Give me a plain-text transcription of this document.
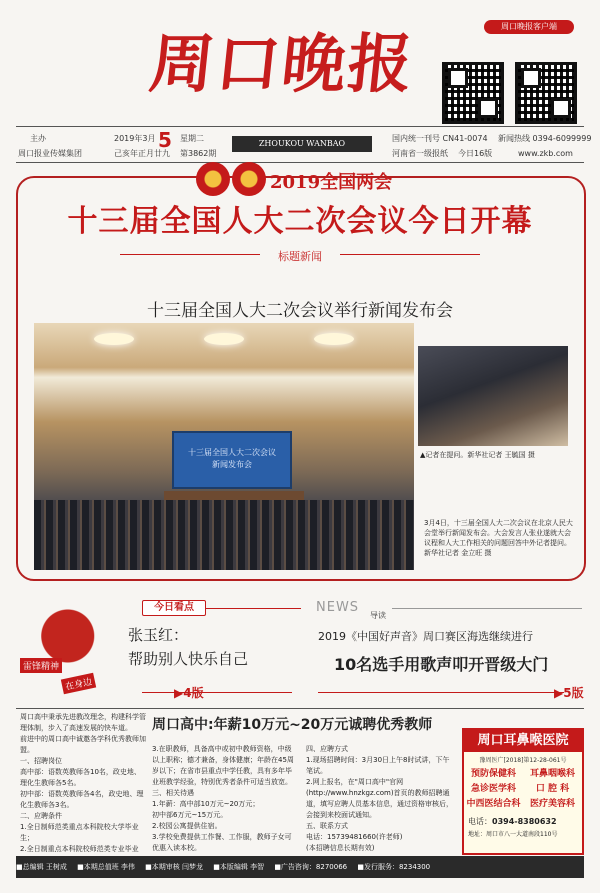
周口晚报
周口晚报客户端
主办
周口报业传媒集团
2019年3月 5 星期二
己亥年正月廿九 第3862期
ZHOUKOU WANBAO
国内统一刊号 CN41-0074 新闻热线 0394-6099999
河南省一级报纸 今日16版	www.zkb.com
2019全国两会
十三届全国人大二次会议今日开幕
标题新闻
十三届全国人大二次会议举行新闻发布会
十三届全国人大二次会议
新闻发布会
▲记者在提问。新华社记者 王毓国 摄
3月4日，十三届全国人大二次会议在北京人民大会堂举行新闻发布会。大会发言人张业遂就大会议程和人大工作相关的问题回答中外记者提问。新华社记者 金立旺 摄
雷锋精神
在身边
今日看点
张玉红：
帮助别人快乐自己
▶4版
NEWS
导读
2019《中国好声音》周口赛区海选继续进行
10名选手用歌声叩开晋级大门
▶5版
周口高中:年薪10万元~20万元诚聘优秀教师
周口高中秉承先进教改理念，构建科学管理体制，步入了高速发展的快车道。
前进中的周口高中诚邀各学科优秀教师加盟。
一、招聘岗位
高中部：语数英教师各10名，政史地、理化生教师各5名。
初中部：语数英教师各4名，政史地、理化生教师各3名。
二、应聘条件
1.全日制师范类重点本科院校大学毕业生；
2.全日制重点本科院校师范类专业毕业
3.在职教师，具备高中或初中教师资格，中级以上职称；德才兼备，身体健康；年龄在45周岁以下；在省市县重点中学任教，具有多年毕业班教学经验，特别优秀者条件可适当放宽。
三、相关待遇
1.年薪：高中部10万元~20万元；
初中部6万元~15万元。
2.校园公寓提供住宿。
3.学校免费提供工作餐、工作服，教师子女可优惠入读本校。
四、应聘方式
1.现场招聘时间：3月30日上午8时试讲，下午笔试。
2.网上报名，在"周口高中"官网(http://www.hnzkgz.com)首页的教师招聘通道，填写应聘人员基本信息，通过资格审核后，会接到来校面试通知。
五、联系方式
电话：15739481660(许老师)
(本招聘信息长期有效)
周口耳鼻喉医院
豫周医广[2018]第12-28-061号
预防保健科	耳鼻咽喉科
急诊医学科	口 腔 科
中西医结合科	医疗美容科
电话：0394-8380632
地址：周口市八一大道南段110号
■总编辑 王树成 ■本期总值班 李伟 ■本期审核 闫梦龙 ■本版编辑 李智 ■广告咨询：8270066 ■发行服务：8234300
